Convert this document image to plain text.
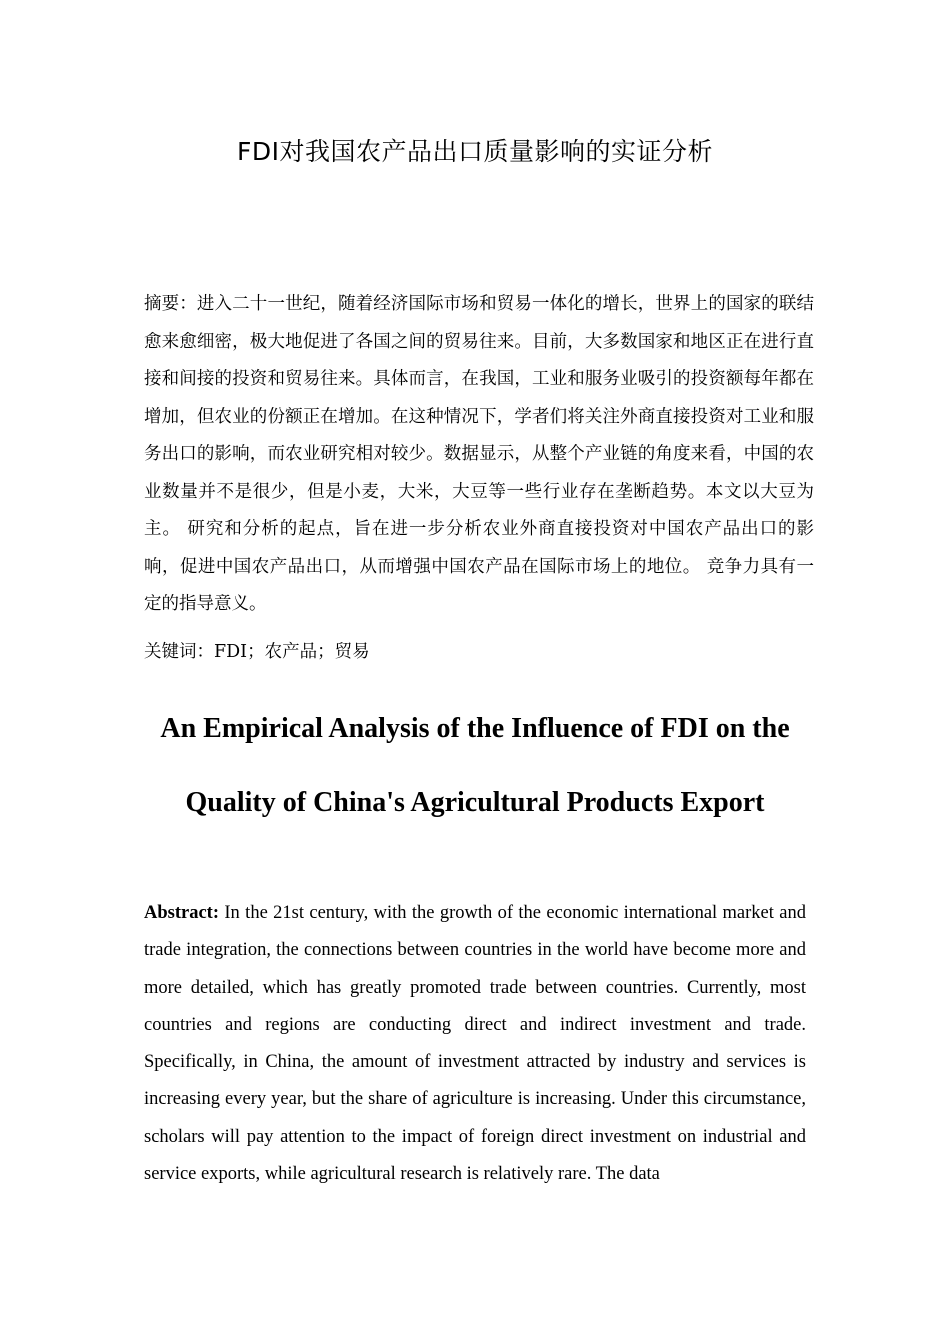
FDI对我国农产品出口质量影响的实证分析
摘要：进入二十一世纪，随着经济国际市场和贸易一体化的增长，世界上的国家的联结愈来愈细密，极大地促进了各国之间的贸易往来。目前，大多数国家和地区正在进行直接和间接的投资和贸易往来。具体而言，在我国，工业和服务业吸引的投资额每年都在增加，但农业的份额正在增加。在这种情况下，学者们将关注外商直接投资对工业和服务出口的影响，而农业研究相对较少。数据显示，从整个产业链的角度来看，中国的农业数量并不是很少，但是小麦，大米，大豆等一些行业存在垄断趋势。本文以大豆为主。 研究和分析的起点，旨在进一步分析农业外商直接投资对中国农产品出口的影响，促进中国农产品出口，从而增强中国农产品在国际市场上的地位。 竞争力具有一定的指导意义。
关键词：FDI；农产品；贸易
An Empirical Analysis of the Influence of FDI on the
Quality of China's Agricultural Products Export
Abstract: In the 21st century, with the growth of the economic international market and trade integration, the connections between countries in the world have become more and more detailed, which has greatly promoted trade between countries. Currently, most countries and regions are conducting direct and indirect investment and trade. Specifically, in China, the amount of investment attracted by industry and services is increasing every year, but the share of agriculture is increasing. Under this circumstance, scholars will pay attention to the impact of foreign direct investment on industrial and service exports, while agricultural research is relatively rare. The data
